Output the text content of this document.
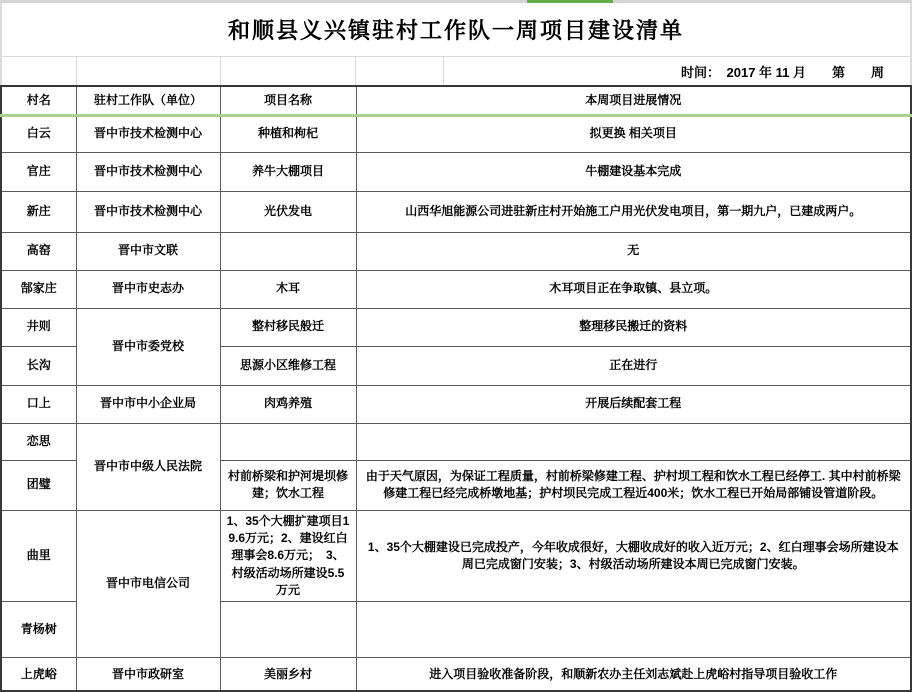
和顺县义兴镇驻村工作队一周项目建设清单
时间：　2017 年 11 月　　第　　周
村名	驻村工作队（单位）	项目名称	本周项目进展情况
白云	晋中市技术检测中心	种植和枸杞	拟更换 相关项目
官庄	晋中市技术检测中心	养牛大棚项目	牛棚建设基本完成
新庄	晋中市技术检测中心	光伏发电	山西华旭能源公司进驻新庄村开始施工户用光伏发电项目，第一期九户，已建成两户。
高窑	晋中市文联		无
郜家庄	晋中市史志办	木耳	木耳项目正在争取镇、县立项。
井则	晋中市委党校	整村移民般迁	整理移民搬迁的资料
长沟		思源小区维修工程	正在进行
口上	晋中市中小企业局	肉鸡养殖	开展后续配套工程
恋思	晋中市中级人民法院		
团璧		村前桥梁和护河堤坝修建；饮水工程	由于天气原因，为保证工程质量，村前桥梁修建工程、护村坝工程和饮水工程已经停工. 其中村前桥梁修建工程已经完成桥墩地基；护村坝民完成工程近400米；饮水工程已开始局部铺设管道阶段。
曲里	晋中市电信公司	1、35个大棚扩建项目19.6万元；2、建设红白理事会8.6万元；　3、村级活动场所建设5.5万元	1、35个大棚建设已完成投产，今年收成很好，大棚收成好的收入近万元；2、红白理事会场所建设本周已完成窗门安装；3、村级活动场所建设本周已完成窗门安装。
青杨树			
上虎峪	晋中市政研室	美丽乡村	进入项目验收准备阶段，和顺新农办主任刘志斌赴上虎峪村指导项目验收工作
